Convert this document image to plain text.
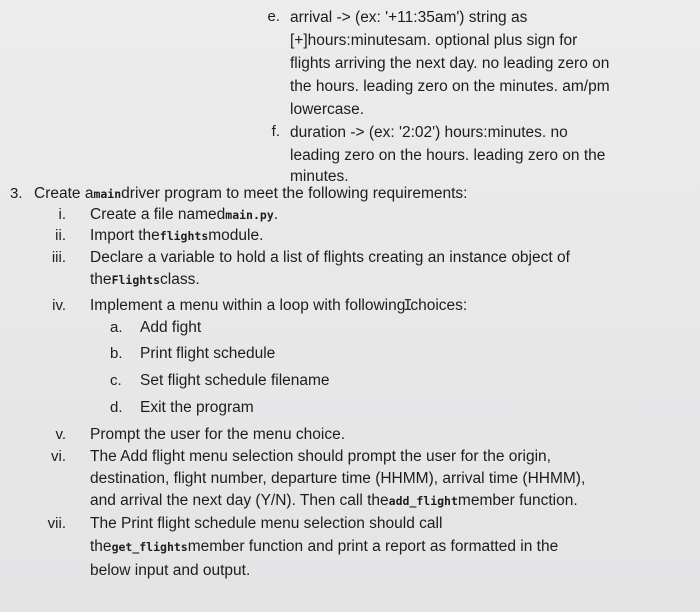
e. arrival -> (ex: '+11:35am') string as
[+]hours:minutesam. optional plus sign for
flights arriving the next day. no leading zero on
the hours. leading zero on the minutes. am/pm
lowercase.
f. duration -> (ex: '2:02') hours:minutes. no
leading zero on the hours. leading zero on the
minutes.
3. Create a main driver program to meet the following requirements:
i. Create a file named main.py .
ii. Import the flights module.
iii. Declare a variable to hold a list of flights creating an instance object of
the Flights class.
iv. Implement a menu within a loop with following
I
choices:
a.	Add fight
b.	Print flight schedule
c.	Set flight schedule filename
d.	Exit the program
v. Prompt the user for the menu choice.
vi. The Add flight menu selection should prompt the user for the origin,
destination, flight number, departure time (HHMM), arrival time (HHMM),
and arrival the next day (Y/N). Then call the add_flight member function.
vii. The Print flight schedule menu selection should call
the get_flights member function and print a report as formatted in the
below input and output.
